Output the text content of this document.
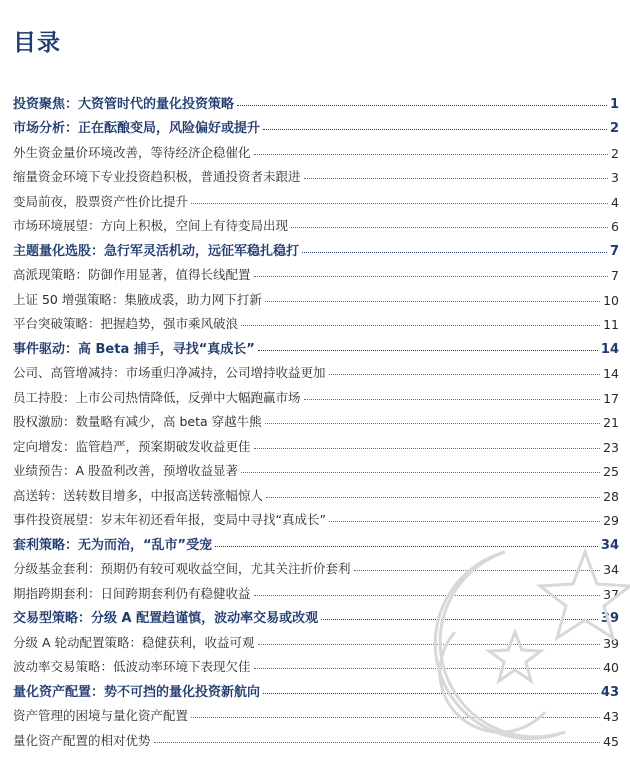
目录
投资聚焦：大资管时代的量化投资策略	1
市场分析：正在酝酿变局，风险偏好或提升	2
外生资金量价环境改善，等待经济企稳催化	2
缩量资金环境下专业投资趋积极，普通投资者未跟进	3
变局前夜，股票资产性价比提升	4
市场环境展望：方向上积极，空间上有待变局出现	6
主题量化选股：急行军灵活机动，远征军稳扎稳打	7
高派现策略：防御作用显著，值得长线配置	7
上证 50 增强策略：集腋成裘，助力网下打新	10
平台突破策略：把握趋势，强市乘风破浪	11
事件驱动：高 Beta 捕手，寻找“真成长”	14
公司、高管增减持：市场重归净减持，公司增持收益更加	14
员工持股：上市公司热情降低，反弹中大幅跑赢市场	17
股权激励：数量略有减少，高 beta 穿越牛熊	21
定向增发：监管趋严，预案期破发收益更佳	23
业绩预告：A 股盈利改善，预增收益显著	25
高送转：送转数目增多，中报高送转涨幅惊人	28
事件投资展望：岁末年初还看年报，变局中寻找“真成长”	29
套利策略：无为而治，“乱市”受宠	34
分级基金套利：预期仍有较可观收益空间，尤其关注折价套利	34
期指跨期套利：日间跨期套利仍有稳健收益	37
交易型策略：分级 A 配置趋谨慎，波动率交易或改观	39
分级 A 轮动配置策略：稳健获利，收益可观	39
波动率交易策略：低波动率环境下表现欠佳	40
量化资产配置：势不可挡的量化投资新航向	43
资产管理的困境与量化资产配置	43
量化资产配置的相对优势	45
